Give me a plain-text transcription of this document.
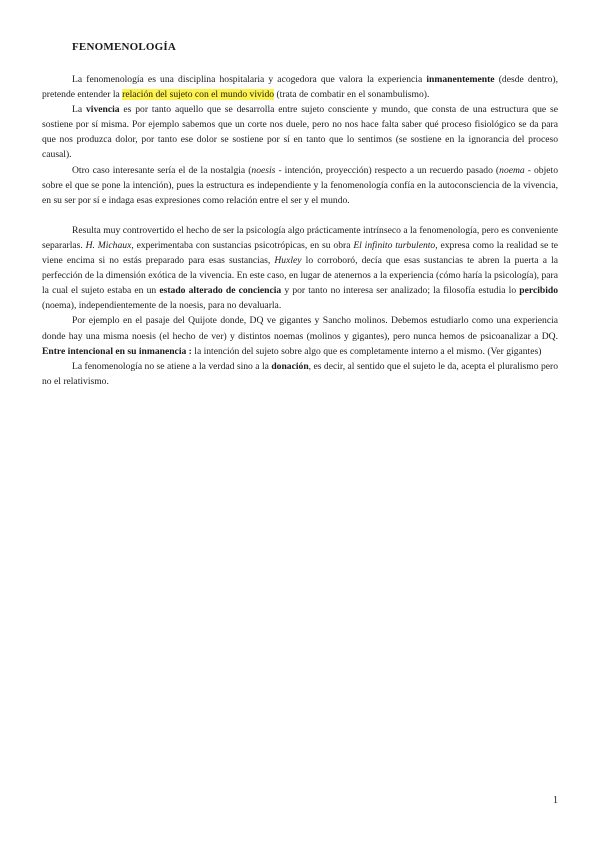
FENOMENOLOGÍA

La fenomenología es una disciplina hospitalaria y acogedora que valora la experiencia inmanentemente (desde dentro), pretende entender la relación del sujeto con el mundo vivido (trata de combatir en el sonambulismo).

La vivencia es por tanto aquello que se desarrolla entre sujeto consciente y mundo, que consta de una estructura que se sostiene por sí misma. Por ejemplo sabemos que un corte nos duele, pero no nos hace falta saber qué proceso fisiológico se da para que nos produzca dolor, por tanto ese dolor se sostiene por sí en tanto que lo sentimos (se sostiene en la ignorancia del proceso causal).

Otro caso interesante sería el de la nostalgia (noesis - intención, proyección) respecto a un recuerdo pasado (noema - objeto sobre el que se pone la intención), pues la estructura es independiente y la fenomenología confía en la autoconsciencia de la vivencia, en su ser por sí e indaga esas expresiones como relación entre el ser y el mundo.

Resulta muy controvertido el hecho de ser la psicología algo prácticamente intrínseco a la fenomenología, pero es conveniente separarlas. H. Michaux, experimentaba con sustancias psicotrópicas, en su obra El infinito turbulento, expresa como la realidad se te viene encima si no estás preparado para esas sustancias, Huxley lo corroboró, decía que esas sustancias te abren la puerta a la perfección de la dimensión exótica de la vivencia. En este caso, en lugar de atenernos a la experiencia (cómo haría la psicología), para la cual el sujeto estaba en un estado alterado de conciencia y por tanto no interesa ser analizado; la filosofía estudia lo percibido (noema), independientemente de la noesis, para no devaluarla.

Por ejemplo en el pasaje del Quijote donde, DQ ve gigantes y Sancho molinos. Debemos estudiarlo como una experiencia donde hay una misma noesis (el hecho de ver) y distintos noemas (molinos y gigantes), pero nunca hemos de psicoanalizar a DQ. Entre intencional en su inmanencia : la intención del sujeto sobre algo que es completamente interno a el mismo. (Ver gigantes)

La fenomenología no se atiene a la verdad sino a la donación, es decir, al sentido que el sujeto le da, acepta el pluralismo pero no el relativismo.

1
